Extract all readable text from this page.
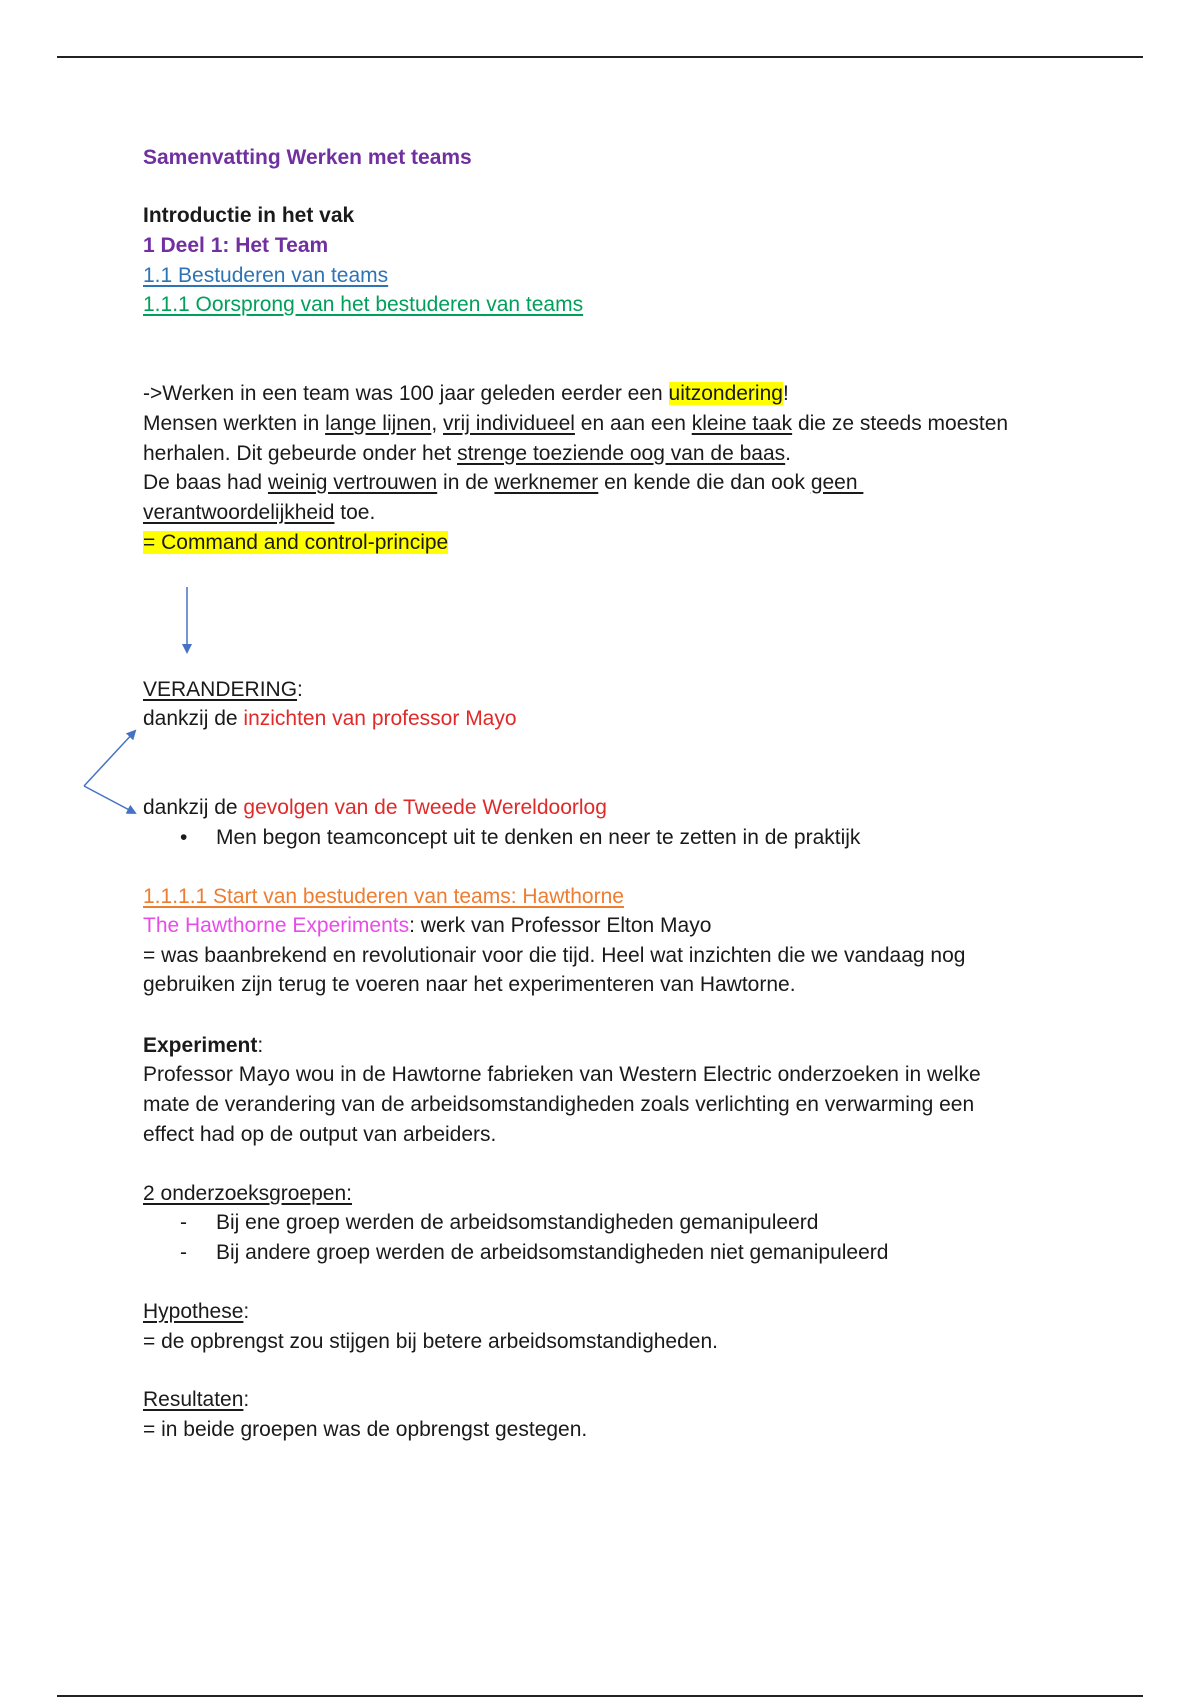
Samenvatting Werken met teams
Introductie in het vak
1 Deel 1: Het Team
1.1 Bestuderen van teams
1.1.1 Oorsprong van het bestuderen van teams
->Werken in een team was 100 jaar geleden eerder een uitzondering!
Mensen werkten in lange lijnen, vrij individueel en aan een kleine taak die ze steeds moesten
herhalen. Dit gebeurde onder het strenge toeziende oog van de baas.
De baas had weinig vertrouwen in de werknemer en kende die dan ook geen
verantwoordelijkheid toe.
= Command and control-principe
VERANDERING:
dankzij de inzichten van professor Mayo
dankzij de gevolgen van de Tweede Wereldoorlog
• Men begon teamconcept uit te denken en neer te zetten in de praktijk
1.1.1.1 Start van bestuderen van teams: Hawthorne
The Hawthorne Experiments: werk van Professor Elton Mayo
= was baanbrekend en revolutionair voor die tijd. Heel wat inzichten die we vandaag nog
gebruiken zijn terug te voeren naar het experimenteren van Hawtorne.
Experiment:
Professor Mayo wou in de Hawtorne fabrieken van Western Electric onderzoeken in welke
mate de verandering van de arbeidsomstandigheden zoals verlichting en verwarming een
effect had op de output van arbeiders.
2 onderzoeksgroepen:
- Bij ene groep werden de arbeidsomstandigheden gemanipuleerd
- Bij andere groep werden de arbeidsomstandigheden niet gemanipuleerd
Hypothese:
= de opbrengst zou stijgen bij betere arbeidsomstandigheden.
Resultaten:
= in beide groepen was de opbrengst gestegen.
